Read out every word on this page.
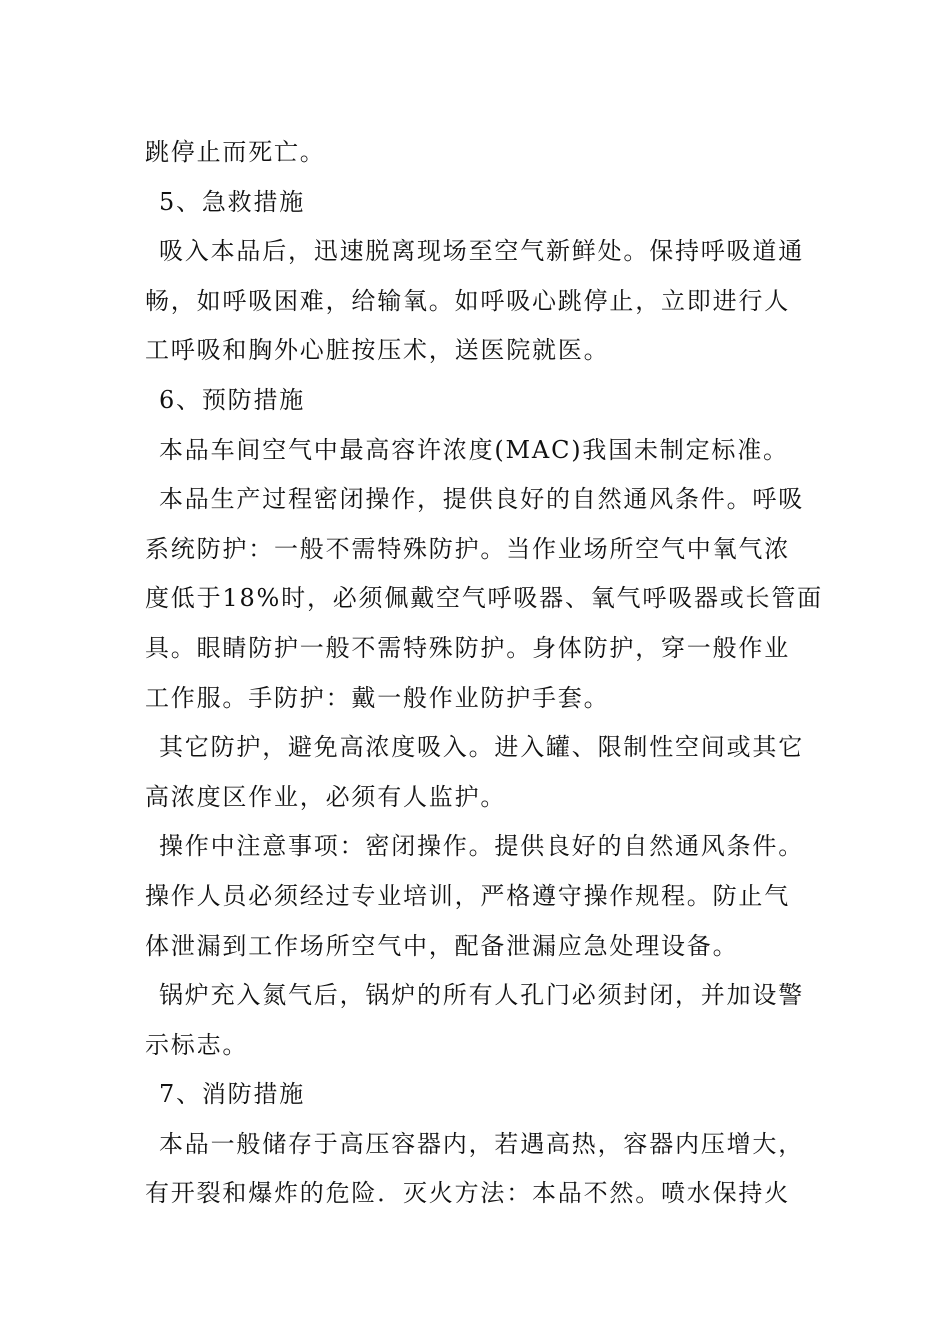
跳停止而死亡。
5、急救措施
吸入本品后，迅速脱离现场至空气新鲜处。保持呼吸道通
畅，如呼吸困难，给输氧。如呼吸心跳停止，立即进行人
工呼吸和胸外心脏按压术，送医院就医。
6、预防措施
本品车间空气中最高容许浓度(MAC)我国未制定标准。
本品生产过程密闭操作，提供良好的自然通风条件。呼吸
系统防护：一般不需特殊防护。当作业场所空气中氧气浓
度低于18%时，必须佩戴空气呼吸器、氧气呼吸器或长管面
具。眼睛防护一般不需特殊防护。身体防护，穿一般作业
工作服。手防护：戴一般作业防护手套。
其它防护，避免高浓度吸入。进入罐、限制性空间或其它
高浓度区作业，必须有人监护。
操作中注意事项：密闭操作。提供良好的自然通风条件。
操作人员必须经过专业培训，严格遵守操作规程。防止气
体泄漏到工作场所空气中，配备泄漏应急处理设备。
锅炉充入氮气后，锅炉的所有人孔门必须封闭，并加设警
示标志。
7、消防措施
本品一般储存于高压容器内，若遇高热，容器内压增大，
有开裂和爆炸的危险．灭火方法：本品不然。喷水保持火
